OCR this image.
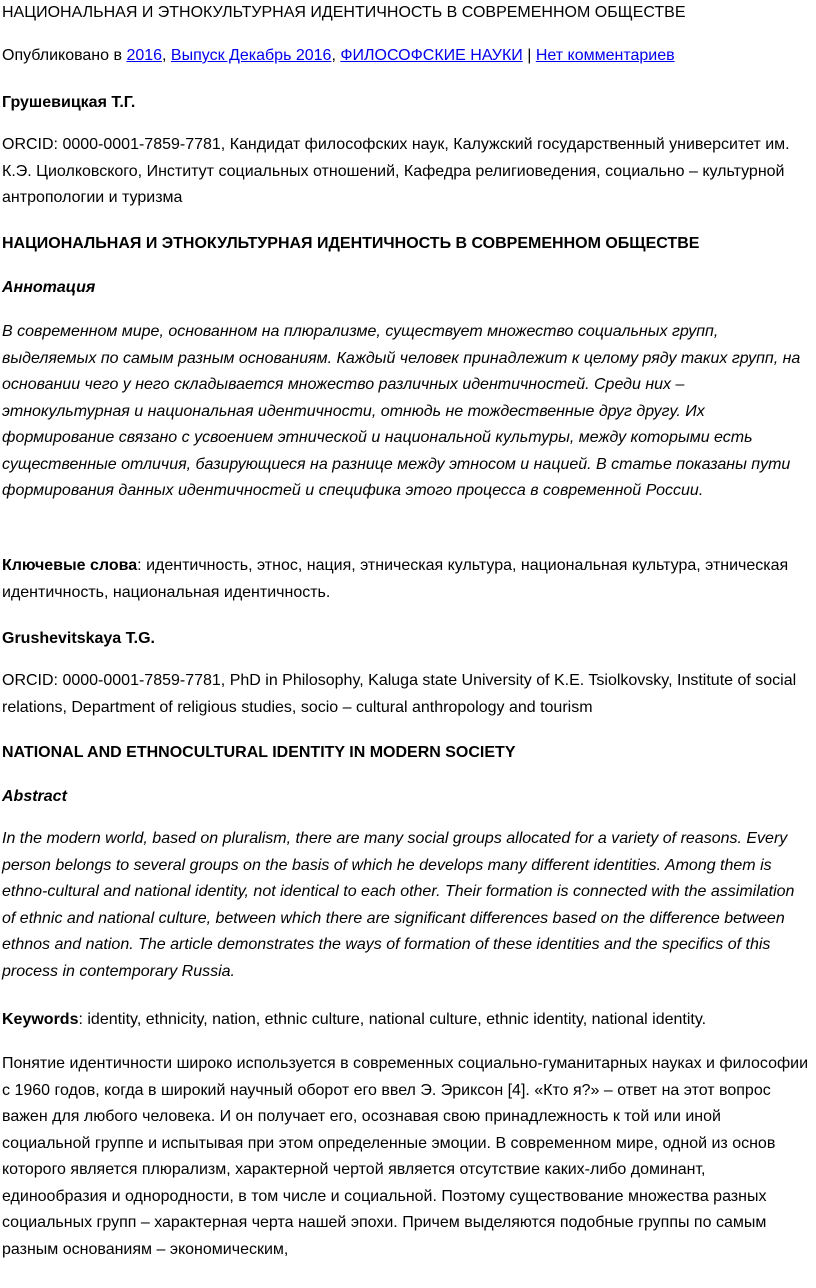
НАЦИОНАЛЬНАЯ И ЭТНОКУЛЬТУРНАЯ ИДЕНТИЧНОСТЬ В СОВРЕМЕННОМ ОБЩЕСТВЕ

Опубликовано в 2016, Выпуск Декабрь 2016, ФИЛОСОФСКИЕ НАУКИ | Нет комментариев

Грушевицкая Т.Г.

ORCID: 0000-0001-7859-7781, Кандидат философских наук, Калужский государственный университет им. К.Э. Циолковского, Институт социальных отношений, Кафедра религиоведения, социально – культурной антропологии и туризма

НАЦИОНАЛЬНАЯ И ЭТНОКУЛЬТУРНАЯ ИДЕНТИЧНОСТЬ В СОВРЕМЕННОМ ОБЩЕСТВЕ

Аннотация

В современном мире, основанном на плюрализме, существует множество социальных групп, выделяемых по самым разным основаниям. Каждый человек принадлежит к целому ряду таких групп, на основании чего у него складывается множество различных идентичностей. Среди них – этнокультурная и национальная идентичности, отнюдь не тождественные друг другу. Их формирование связано с усвоением этнической и национальной культуры, между которыми есть существенные отличия, базирующиеся на разнице между этносом и нацией. В статье показаны пути формирования данных идентичностей и специфика этого процесса в современной России.

Ключевые слова: идентичность, этнос, нация, этническая культура, национальная культура, этническая идентичность, национальная идентичность.

Grushevitskaya T.G.

ORCID: 0000-0001-7859-7781, PhD in Philosophy, Kaluga state University of K.E. Tsiolkovsky, Institute of social relations, Department of religious studies, socio – cultural anthropology and tourism

NATIONAL AND ETHNOCULTURAL IDENTITY IN MODERN SOCIETY

Abstract

In the modern world, based on pluralism, there are many social groups allocated for a variety of reasons. Every person belongs to several groups on the basis of which he develops many different identities. Among them is ethno-cultural and national identity, not identical to each other. Their formation is connected with the assimilation of ethnic and national culture, between which there are significant differences based on the difference between ethnos and nation. The article demonstrates the ways of formation of these identities and the specifics of this process in contemporary Russia.

Keywords: identity, ethnicity, nation, ethnic culture, national culture, ethnic identity, national identity.

Понятие идентичности широко используется в современных социально-гуманитарных науках и философии с 1960 годов, когда в широкий научный оборот его ввел Э. Эриксон [4]. «Кто я?» – ответ на этот вопрос важен для любого человека. И он получает его, осознавая свою принадлежность к той или иной социальной группе и испытывая при этом определенные эмоции. В современном мире, одной из основ которого является плюрализм, характерной чертой является отсутствие каких-либо доминант, единообразия и однородности, в том числе и социальной. Поэтому существование множества разных социальных групп – характерная черта нашей эпохи. Причем выделяются подобные группы по самым разным основаниям – экономическим,
